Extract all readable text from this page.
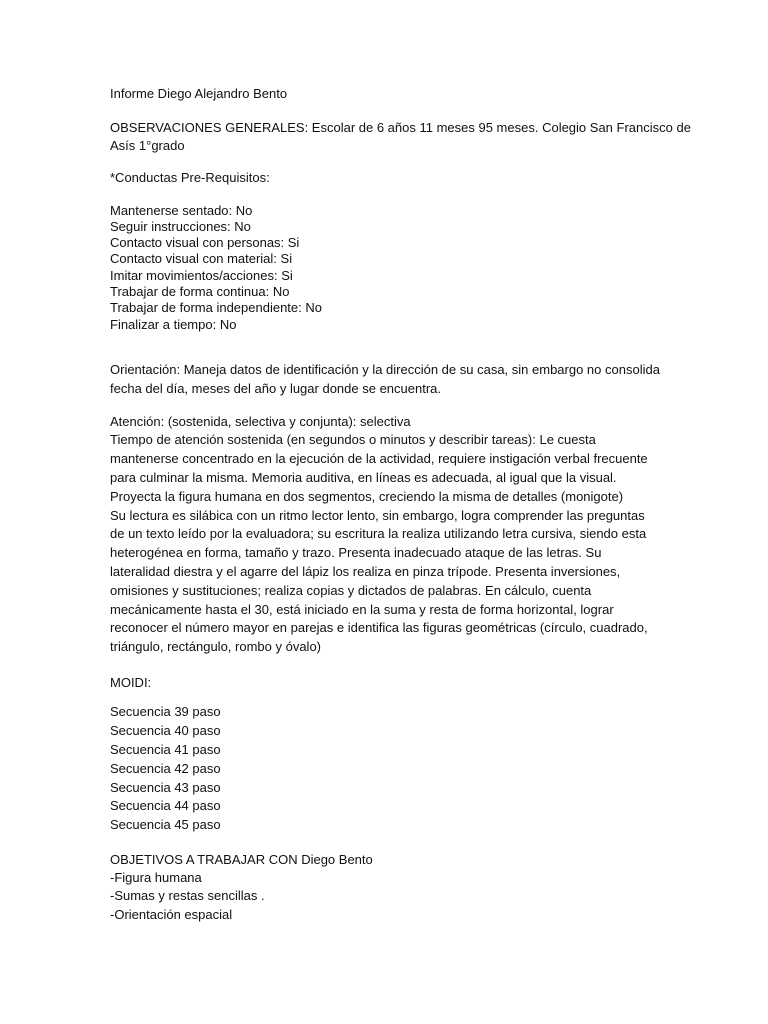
Informe Diego Alejandro Bento
OBSERVACIONES GENERALES: Escolar de 6 años 11 meses 95 meses. Colegio San Francisco de
Asís 1°grado
*Conductas Pre-Requisitos:
Mantenerse sentado: No
Seguir instrucciones: No
Contacto visual con personas: Si
Contacto visual con material: Si
Imitar movimientos/acciones: Si
Trabajar de forma continua: No
Trabajar de forma independiente: No
Finalizar a tiempo: No
Orientación: Maneja datos de identificación y la dirección de su casa, sin embargo no consolida
fecha del día, meses del año y lugar donde se encuentra.
Atención: (sostenida, selectiva y conjunta): selectiva
Tiempo de atención sostenida (en segundos o minutos y describir tareas): Le cuesta
mantenerse concentrado en la ejecución de la actividad, requiere instigación verbal frecuente
para culminar la misma. Memoria auditiva, en líneas es adecuada, al igual que la visual.
Proyecta la figura humana en dos segmentos, creciendo la misma de detalles (monigote)
Su lectura es silábica con un ritmo lector lento, sin embargo, logra comprender las preguntas
de un texto leído por la evaluadora; su escritura la realiza utilizando letra cursiva, siendo esta
heterogénea en forma, tamaño y trazo. Presenta inadecuado ataque de las letras. Su
lateralidad diestra y el agarre del lápiz los realiza en pinza trípode. Presenta inversiones,
omisiones y sustituciones; realiza copias y dictados de palabras. En cálculo, cuenta
mecánicamente hasta el 30, está iniciado en la suma y resta de forma horizontal, lograr
reconocer el número mayor en parejas e identifica las figuras geométricas (círculo, cuadrado,
triángulo, rectángulo, rombo y óvalo)
MOIDI:
Secuencia 39 paso
Secuencia 40 paso
Secuencia 41 paso
Secuencia 42 paso
Secuencia 43 paso
Secuencia 44 paso
Secuencia 45 paso
OBJETIVOS A TRABAJAR CON Diego Bento
-Figura humana
-Sumas y restas sencillas .
-Orientación espacial
